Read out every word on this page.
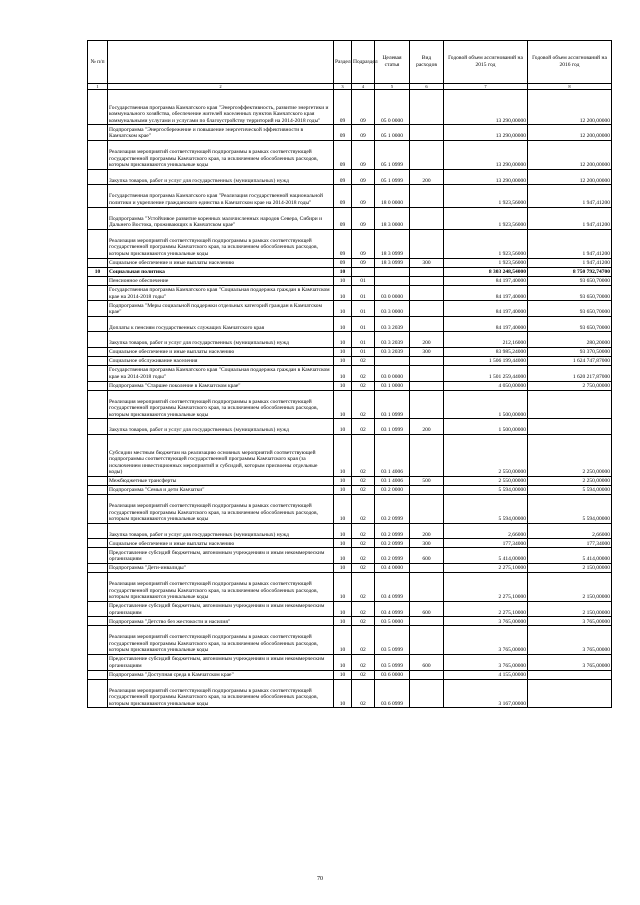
№ п/п		Раздел	Подраздел	Целевая статья	Вид расходов	Годовой объем ассигнований на 2015 год	Годовой объем ассигнований на 2016 год
1	2	3	4	5	6	7	8
	Государственная программа Камчатского края "Энергоэффективность, развитие энергетики и коммунального хозяйства, обеспечение жителей населенных пунктов Камчатского края коммунальными услугами и услугами по благоустройству территорий на 2014-2018 годы"	09	09	05 0 0000		13 290,00000	12 200,00000
	Подпрограмма "Энергосбережение и повышение энергетической эффективности в Камчатском крае"	09	09	05 1 0000		13 290,00000	12 200,00000
	Реализация мероприятий соответствующей подпрограммы в рамках соответствующей государственной программы Камчатского края, за исключением обособленных расходов, которым присваиваются уникальные коды	09	09	05 1 0999		13 290,00000	12 200,00000
	Закупка товаров, работ и услуг для государственных (муниципальных) нужд	09	09	05 1 0999	200	13 290,00000	12 200,00000
	Государственная программа Камчатского края "Реализация государственной национальной политики и укрепление гражданского единства в Камчатском крае на 2014-2018 годы"	09	09	18 0 0000		1 923,56000	1 947,41200
	Подпрограмма "Устойчивое развитие коренных малочисленных народов Севера, Сибири и Дальнего Востока, проживающих в Камчатском крае"	09	09	18 3 0000		1 923,56000	1 947,41200
	Реализация мероприятий соответствующей подпрограммы в рамках соответствующей государственной программы Камчатского края, за исключением обособленных расходов, которым присваиваются уникальные коды	09	09	18 3 0999		1 923,56000	1 947,41200
	Социальное обеспечение и иные выплаты населению	09	09	18 3 0999	300	1 923,56000	1 947,41200
10	Социальная политика	10				8 303 248,54000	8 750 792,74700
	Пенсионное обеспечение	10	01			84 197,40000	93 650,70000
	Государственная программа Камчатского края "Социальная поддержка граждан в Камчатском крае на 2014-2018 годы"	10	01	03 0 0000		84 197,40000	93 650,70000
	Подпрограмма "Меры социальной поддержки отдельных категорий граждан в Камчатском крае"	10	01	03 3 0000		84 197,40000	93 650,70000
	Доплаты к пенсиям государственных служащих Камчатского края	10	01	03 3 2039		84 197,40000	93 650,70000
	Закупка товаров, работ и услуг для государственных (муниципальных) нужд	10	01	03 3 2039	200	212,16000	280,20000
	Социальное обеспечение и иные выплаты населению	10	01	03 3 2039	300	83 985,24000	93 370,50000
	Социальное обслуживание населения	10	02			1 506 199,44000	1 624 747,87000
	Государственная программа Камчатского края "Социальная поддержка граждан в Камчатском крае на 2014-2018 годы"	10	02	03 0 0000		1 501 259,44000	1 620 217,87000
	Подпрограмма "Старшее поколение в Камчатском крае"	10	02	03 1 0000		4 050,00000	2 750,00000
	Реализация мероприятий соответствующей подпрограммы в рамках соответствующей государственной программы Камчатского края, за исключением обособленных расходов, которым присваиваются уникальные коды	10	02	03 1 0999		1 500,00000	
	Закупка товаров, работ и услуг для государственных (муниципальных) нужд	10	02	03 1 0999	200	1 500,00000	
	Субсидии местным бюджетам на реализацию основных мероприятий соответствующей подпрограммы соответствующей государственной программы Камчатского края (за исключением инвестиционных мероприятий и субсидий, которым присвоены отдельные коды)	10	02	03 1 4006		2 550,00000	2 250,00000
	Межбюджетные трансферты	10	02	03 1 4006	500	2 550,00000	2 250,00000
	Подпрограмма "Семья и дети Камчатки"	10	02	03 2 0000		5 594,00000	5 594,00000
	Реализация мероприятий соответствующей подпрограммы в рамках соответствующей государственной программы Камчатского края, за исключением обособленных расходов, которым присваиваются уникальные коды	10	02	03 2 0999		5 594,00000	5 594,00000
	Закупка товаров, работ и услуг для государственных (муниципальных) нужд	10	02	03 2 0999	200	2,66000	2,66000
	Социальное обеспечение и иные выплаты населению	10	02	03 2 0999	300	177,34000	177,34000
	Предоставление субсидий бюджетным, автономным учреждениям и иным некоммерческим организациям	10	02	03 2 0999	600	5 414,00000	5 414,00000
	Подпрограмма "Дети-инвалиды"	10	02	03 4 0000		2 275,10000	2 150,00000
	Реализация мероприятий соответствующей подпрограммы в рамках соответствующей государственной программы Камчатского края, за исключением обособленных расходов, которым присваиваются уникальные коды	10	02	03 4 0999		2 275,10000	2 150,00000
	Предоставление субсидий бюджетным, автономным учреждениям и иным некоммерческим организациям	10	02	03 4 0999	600	2 275,10000	2 150,00000
	Подпрограмма "Детство без жестокости и насилия"	10	02	03 5 0000		3 765,00000	3 765,00000
	Реализация мероприятий соответствующей подпрограммы в рамках соответствующей государственной программы Камчатского края, за исключением обособленных расходов, которым присваиваются уникальные коды	10	02	03 5 0999		3 765,00000	3 765,00000
	Предоставление субсидий бюджетным, автономным учреждениям и иным некоммерческим организациям	10	02	03 5 0999	600	3 765,00000	3 765,00000
	Подпрограмма "Доступная среда в Камчатском крае"	10	02	03 6 0000		4 155,00000	
	Реализация мероприятий соответствующей подпрограммы в рамках соответствующей государственной программы Камчатского края, за исключением обособленных расходов, которым присваиваются уникальные коды	10	02	03 6 0999		3 167,00000	
70
